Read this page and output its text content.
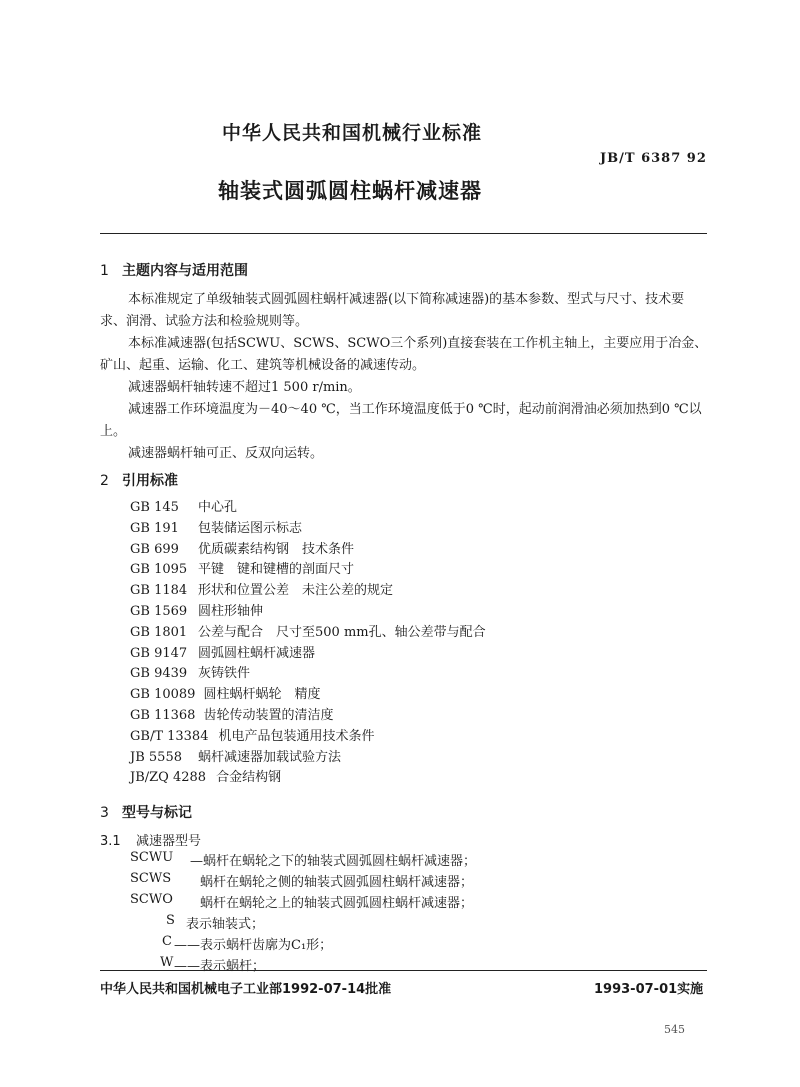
中华人民共和国机械行业标准
JB/T 6387 92
轴装式圆弧圆柱蜗杆减速器
1 主题内容与适用范围
本标准规定了单级轴装式圆弧圆柱蜗杆减速器(以下简称减速器)的基本参数、型式与尺寸、技术要
求、润滑、试验方法和检验规则等。
本标准减速器(包括SCWU、SCWS、SCWO三个系列)直接套装在工作机主轴上，主要应用于冶金、
矿山、起重、运输、化工、建筑等机械设备的减速传动。
减速器蜗杆轴转速不超过1 500 r/min。
减速器工作环境温度为－40～40 ℃，当工作环境温度低于0 ℃时，起动前润滑油必须加热到0 ℃以
上。
减速器蜗杆轴可正、反双向运转。
2 引用标准
GB 145 中心孔
GB 191 包装储运图示标志
GB 699 优质碳素结构钢　技术条件
GB 1095 平键　键和键槽的剖面尺寸
GB 1184 形状和位置公差　未注公差的规定
GB 1569 圆柱形轴伸
GB 1801 公差与配合　尺寸至500 mm孔、轴公差带与配合
GB 9147 圆弧圆柱蜗杆减速器
GB 9439 灰铸铁件
GB 10089 圆柱蜗杆蜗轮　精度
GB 11368 齿轮传动装置的清洁度
GB/T 13384 机电产品包装通用技术条件
JB 5558 蜗杆减速器加载试验方法
JB/ZQ 4288 合金结构钢
3 型号与标记
3.1 减速器型号
SCWU —蜗杆在蜗轮之下的轴装式圆弧圆柱蜗杆减速器；
SCWS 蜗杆在蜗轮之侧的轴装式圆弧圆柱蜗杆减速器；
SCWO 蜗杆在蜗轮之上的轴装式圆弧圆柱蜗杆减速器；
S 表示轴装式；
C ——表示蜗杆齿廓为C₁形；
W ——表示蜗杆；
中华人民共和国机械电子工业部1992-07-14批准	1993-07-01实施
545
